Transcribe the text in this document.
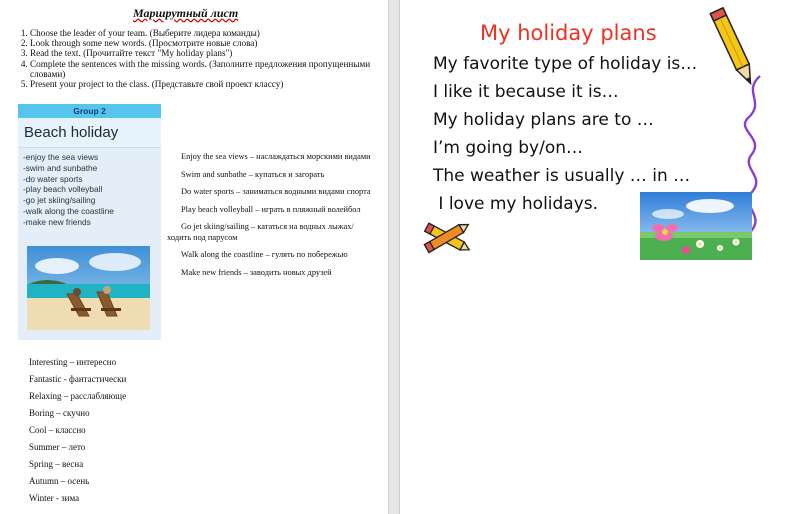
Маршрутный лист
1. Choose the leader of your team. (Выберите лидера команды)
2. Look through some new words. (Просмотрите новые слова)
3. Read the text. (Прочитайте текст "My holiday plans")
4. Complete the sentences with the missing words. (Заполните предложения пропущенными словами)
5. Present your project to the class. (Представьте свой проект классу)
Group 2
Beach holiday
-enjoy the sea views
-swim and sunbathe
-do water sports
-play beach volleyball
-go jet skiing/sailing
-walk along the coastline
-make new friends

Enjoy the sea views – наслаждаться морскими видами

Swim and sunbathe – купаться и загорать

Do water sports – заниматься водными видами спорта

Play beach volleyball – играть в пляжный волейбол

Go jet skiing/sailing – кататься на водных лыжах/ходить под парусом

Walk along the coastline – гулять по побережью

Make new friends – заводить новых друзей

Interesting – интересно
Fantastic - фантастически
Relaxing – расслабляюще
Boring – скучно
Cool – классно
Summer – лето
Spring – весна
Autumn – осень
Winter - зима
My holiday plans
My favorite type of holiday is…
I like it because it is…
My holiday plans are to …
I’m going by/on…
The weather is usually … in …
I love my holidays.
